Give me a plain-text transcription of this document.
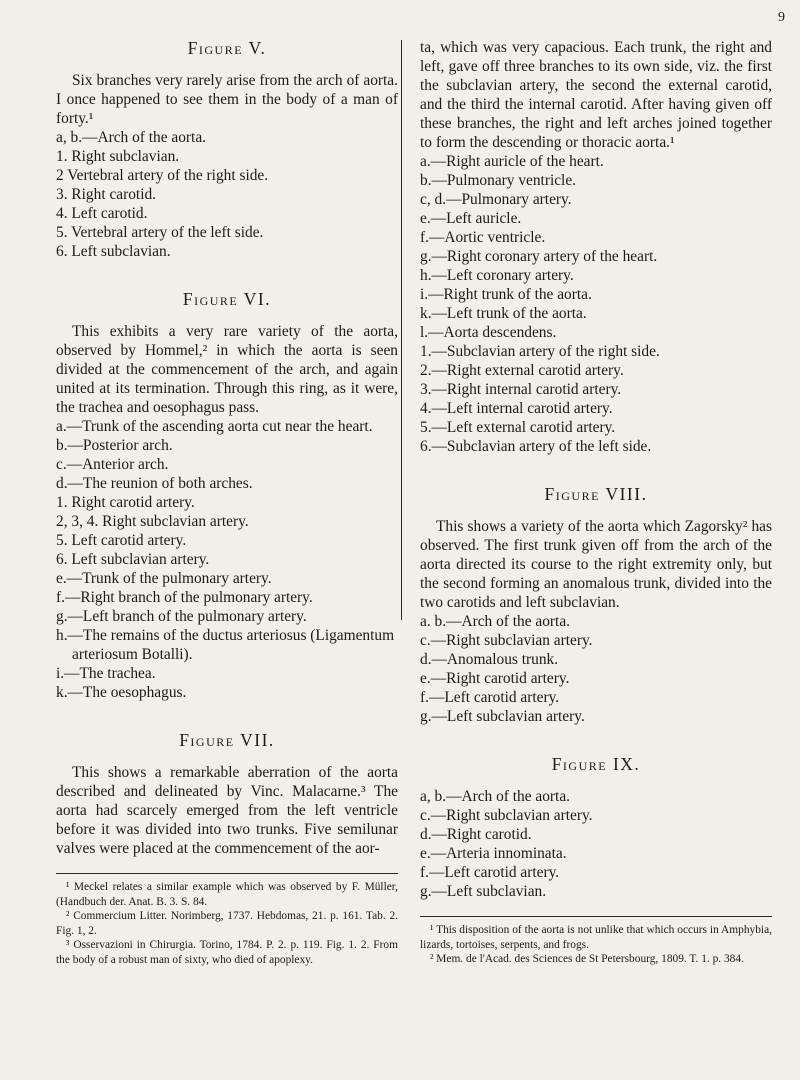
9
Figure V.

Six branches very rarely arise from the arch of aorta. I once happened to see them in the body of a man of forty.¹

a, b.—Arch of the aorta.
1. Right subclavian.
2 Vertebral artery of the right side.
3. Right carotid.
4. Left carotid.
5. Vertebral artery of the left side.
6. Left subclavian.
Figure VI.

This exhibits a very rare variety of the aorta, observed by Hommel,² in which the aorta is seen divided at the commencement of the arch, and again united at its termination. Through this ring, as it were, the trachea and oesophagus pass.

a.—Trunk of the ascending aorta cut near the heart.
b.—Posterior arch.
c.—Anterior arch.
d.—The reunion of both arches.
1. Right carotid artery.
2, 3, 4. Right subclavian artery.
5. Left carotid artery.
6. Left subclavian artery.
e.—Trunk of the pulmonary artery.
f.—Right branch of the pulmonary artery.
g.—Left branch of the pulmonary artery.
h.—The remains of the ductus arteriosus (Ligamentum arteriosum Botalli).
i.—The trachea.
k.—The oesophagus.
Figure VII.

This shows a remarkable aberration of the aorta described and delineated by Vinc. Malacarne.³ The aorta had scarcely emerged from the left ventricle before it was divided into two trunks. Five semilunar valves were placed at the commencement of the aor-

¹ Meckel relates a similar example which was observed by F. Müller, (Handbuch der. Anat. B. 3. S. 84.

² Commercium Litter. Norimberg, 1737. Hebdomas, 21. p. 161. Tab. 2. Fig. 1, 2.

³ Osservazioni in Chirurgia. Torino, 1784. P. 2. p. 119. Fig. 1. 2. From the body of a robust man of sixty, who died of apoplexy.

ta, which was very capacious. Each trunk, the right and left, gave off three branches to its own side, viz. the first the subclavian artery, the second the external carotid, and the third the internal carotid. After having given off these branches, the right and left arches joined together to form the descending or thoracic aorta.¹

a.—Right auricle of the heart.
b.—Pulmonary ventricle.
c, d.—Pulmonary artery.
e.—Left auricle.
f.—Aortic ventricle.
g.—Right coronary artery of the heart.
h.—Left coronary artery.
i.—Right trunk of the aorta.
k.—Left trunk of the aorta.
l.—Aorta descendens.
1.—Subclavian artery of the right side.
2.—Right external carotid artery.
3.—Right internal carotid artery.
4.—Left internal carotid artery.
5.—Left external carotid artery.
6.—Subclavian artery of the left side.
Figure VIII.

This shows a variety of the aorta which Zagorsky² has observed. The first trunk given off from the arch of the aorta directed its course to the right extremity only, but the second forming an anomalous trunk, divided into the two carotids and left subclavian.

a. b.—Arch of the aorta.
c.—Right subclavian artery.
d.—Anomalous trunk.
e.—Right carotid artery.
f.—Left carotid artery.
g.—Left subclavian artery.
Figure IX.
a, b.—Arch of the aorta.
c.—Right subclavian artery.
d.—Right carotid.
e.—Arteria innominata.
f.—Left carotid artery.
g.—Left subclavian.

¹ This disposition of the aorta is not unlike that which occurs in Amphybia, lizards, tortoises, serpents, and frogs.

² Mem. de l'Acad. des Sciences de St Petersbourg, 1809. T. 1. p. 384.
